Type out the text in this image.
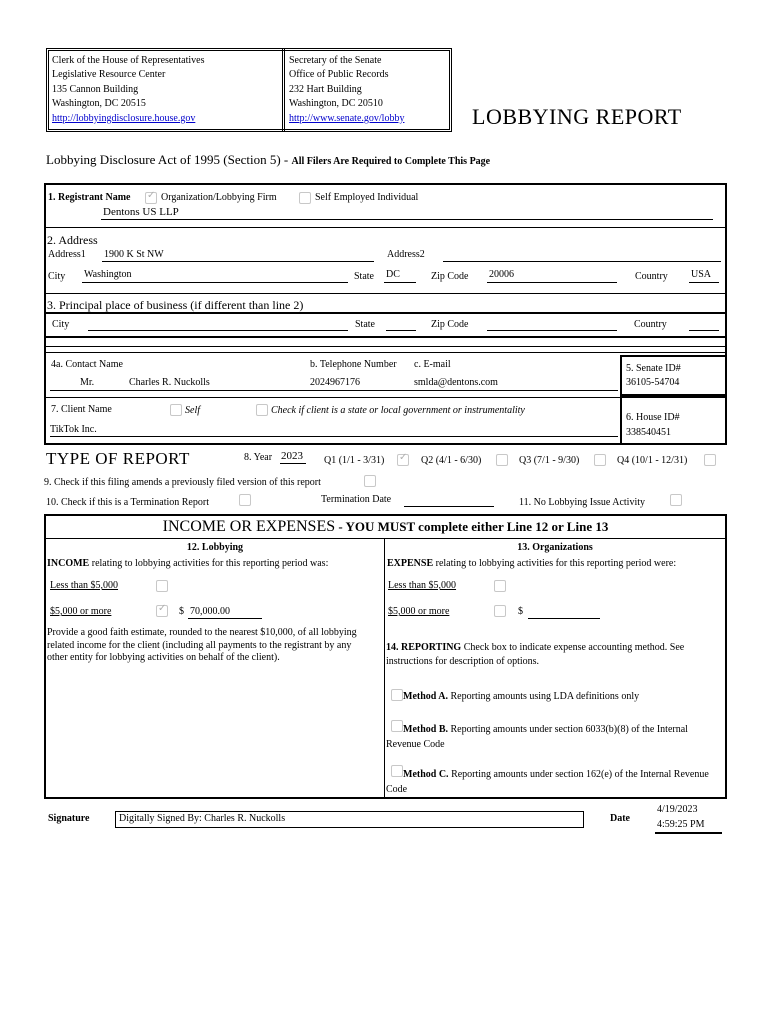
Clerk of the House of Representatives
Legislative Resource Center
135 Cannon Building
Washington, DC 20515
http://lobbyingdisclosure.house.gov
Secretary of the Senate
Office of Public Records
232 Hart Building
Washington, DC 20510
http://www.senate.gov/lobby	LOBBYING REPORT
Lobbying Disclosure Act of 1995 (Section 5) - All Filers Are Required to Complete This Page
1. Registrant Name ✓	Organization/Lobbying Firm	Self Employed Individual
Dentons US LLP
2. Address
Address1 1900 K St NW	Address2
City Washington	State DC	Zip Code 20006	Country USA
3. Principal place of business (if different than line 2)
City	State	Zip Code	Country
4a. Contact Name	b. Telephone Number c. E-mail
Mr.	Charles R. Nuckolls	2024967176	smlda@dentons.com
5. Senate ID#
36105-54704
7. Client Name	Self	Check if client is a state or local government or instrumentality
TikTok Inc.
6. House ID#
338540451
TYPE OF REPORT	8. Year 2023 Q1 (1/1 - 3/31) ✓	Q2 (4/1 - 6/30)	Q3 (7/1 - 9/30)	Q4 (10/1 - 12/31)
9. Check if this filing amends a previously filed version of this report
10. Check if this is a Termination Report	Termination Date	11. No Lobbying Issue Activity
INCOME OR EXPENSES - YOU MUST complete either Line 12 or Line 13
12. Lobbying
INCOME relating to lobbying activities for this reporting period was:
Less than $5,000
$5,000 or more ✓	$ 70,000.00
Provide a good faith estimate, rounded to the nearest $10,000, of all lobbying related income for the client (including all payments to the registrant by any other entity for lobbying activities on behalf of the client).
13. Organizations
EXPENSE relating to lobbying activities for this reporting period were:
Less than $5,000
$5,000 or more	$
14. REPORTING Check box to indicate expense accounting method. See instructions for description of options.
Method A. Reporting amounts using LDA definitions only
Method B. Reporting amounts under section 6033(b)(8) of the Internal Revenue Code
Method C. Reporting amounts under section 162(e) of the Internal Revenue Code
Signature	Digitally Signed By: Charles R. Nuckolls	Date
4/19/2023
4:59:25 PM
